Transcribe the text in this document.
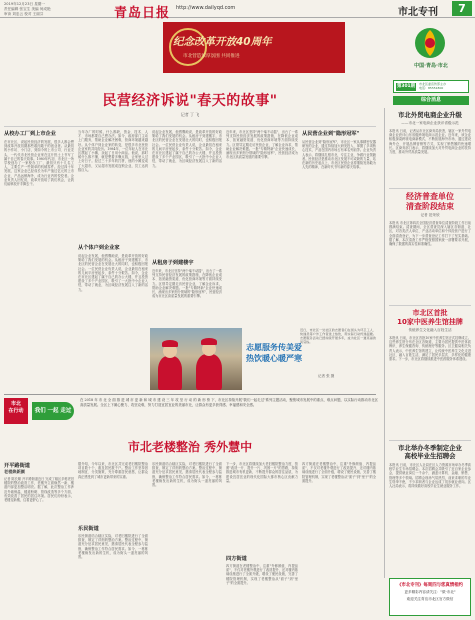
2019年12月23日 星期一
责任编辑 张宝生 美编 何成艳
审读 刘忠云 校对 王丽芬	青岛日报 http://www.dailyqd.com	市北专刊	7
纪念改革开放40周年
市北营造浓厚氛围 共同推进
中国·青岛·市北
第301期	市北区委宣传部主办
电话：85551800
综合消息
民营经济诉说"春天的故事"
记者 丁 飞
从校办工厂到上市企业
在市北区，说起民营经济的发展，很多人都会想到改革开放初期那些敢闯敢干的创业者。从最初的小作坊、小门店，到如今的上市公司、行业龙头，一代代市北民营企业家在这片热土上书写了属于自己的春天故事。1980年代初，市北区一所学校创办了一家校办工厂，最初只有十几名工人，主要生产一些简单的机械零件。经过四十年发展，这家企业已经成长为年产值过亿元的上市企业，产品远销海外，成为行业内的佼佼者。企业负责人回忆说，改革开放给了我们机会，让我们能够放开手脚去干。
当年办厂的时候，什么都缺，资金、技术、人才、市场都要自己想办法。如今，政府部门主动上门服务，帮助企业解决困难，营商环境越来越好。从个体户到企业家的转变，是很多市北民营企业家的共同经历。1984年，一位年轻人在市北区摆起了小摊，卖起了日用小商品。他说，那时候什么都不懂，就是想着多赚点钱，让家里人过上好日子。经过三十多年的打拼，他的小摊变成了大超市，又从超市发展成连锁企业，员工达到数百人。
从个体户到企业家
说起企业发展，他感慨地说，是改革开放的好政策给了我们发展的机会。从租房子到建楼宇，市北区的民营企业在发展壮大的同时，也积极回报社会。一位民营企业负责人说，企业最初在租来的几间平房里起步，条件十分艰苦。如今，企业在市北区建起了属于自己的办公大楼，并且投资建设了多个产业园区，吸引了一大批中小企业入驻，带动了就业，为区域经济发展注入了新的活力。
说起企业发展，他感慨地说，是改革开放的好政策给了我们发展的机会。从租房子到建楼宇，市北区的民营企业在发展壮大的同时，也积极回报社会。一位民营企业负责人说，企业最初在租来的几间平房里起步，条件十分艰苦。如今，企业在市北区建起了属于自己的办公大楼，并且投资建设了多个产业园区，吸引了一大批中小企业入驻，带动了就业，为区域经济发展注入了新的活力。
从租房子到建楼宇
近年来，市北区坚持"两个毫不动摇"，出台了一系列支持民营经济发展的政策措施，在降低企业成本、拓宽融资渠道、优化营商环境等方面持续发力。区领导定期走访民营企业，了解企业诉求，帮助企业解决难题。一批"专精特新"企业快速成长，涌现出多家细分领域的"隐形冠军"，民营经济成为市北区高质量发展的重要引擎。
近年来，市北区坚持"两个毫不动摇"，出台了一系列支持民营经济发展的政策措施，在降低企业成本、拓宽融资渠道、优化营商环境等方面持续发力。区领导定期走访民营企业，了解企业诉求，帮助企业解决难题。一批"专精特新"企业快速成长，涌现出多家细分领域的"隐形冠军"，民营经济成为市北区高质量发展的重要引擎。
从民营企业到"隐形冠军"
从民营企业到"隐形冠军"，市北区一家从事精密仪器研发的企业，通过持续加大研发投入，掌握了多项核心技术，产品在国内市场占有率名列前茅。企业负责人表示，将继续扎根市北，专注主业，争做行业领跑者。民营经济是推动市北区发展不可或缺的力量，站在新的历史起点上，市北区民营企业将继续发扬敢为人先的精神，在新时代书写新的春天故事。
志愿服务传美爱
热饮暖心暖严寒
近日，市北区一处社区的志愿者们在街头为环卫工人、快递员等户外工作者送上热饮，用实际行动传递温暖。志愿服务活动已经持续开展多年，成为社区一道亮丽的风景线。
记者 张 摄
市北外贸电商企业升级
——市北一家电商企业获评省级示范
本报讯 日前，记者从市北区商务局获悉，辖区一家外贸电商企业获评山东省级跨境电商示范企业。近年来，该企业积极探索跨境电商新模式，不断拓展海外市场，通过建设海外仓、开展品牌营销等方式，实现了销售额的快速增长。区商务部门表示，将继续加大对外贸电商企业的扶持力度，推动外贸高质量发展。
经济普查单位
清查阶段结束
记者 范荣欣
本报讯 市北区第四次全国经济普查单位清查阶段工作日前圆满结束。清查期间，全区普查员深入辖区各街道、社区，对各类法人单位、产业活动单位和个体经营户进行了全面清查登记，为下一步普查登记工作打下了坚实基础。据了解，本次清查工作严格按照国家统一部署要求开展，确保了数据的真实性和准确性。
市北区首批
10家中医养生馆挂牌
传统养生文化融入百姓生活
本报讯 日前，市北区首批10家中医养生馆正式挂牌成立。这些养生馆分布在全区各街道，主要为居民提供中医体质辨识、养生保健咨询、传统理疗等服务。区卫健局相关负责人表示，中医养生馆的建立，让传统中医养生文化走进社区、融入百姓生活，满足了居民多层次、多样化的健康需求。下一步，市北区将继续推进中医药服务体系建设。
市北举办冬季制定企业
高校毕业生招聘会
本报讯 日前，市北区人社局在区人力资源市场举办冬季高校毕业生专场招聘会。本次招聘会共吸引了近百家企业参会，提供就业岗位一千余个，涵盖计算机、金融、销售、管理等多个领域。招聘会现场气氛热烈，前来求职的毕业生络绎不绝，不少求职者与企业达成了初步就业意向。区人社局表示，将持续做好高校毕业生就业服务工作。
《市北专刊》每周四与您真情相约
更多精彩内容请关注："微·市北"
欢迎关注青岛市北区官方微信
市北
在行动	我们 一起 走过
在 2018 年 市 北 全 面 推 进 城 市 更 新 和 城 市 建 设 三 年 攻 坚 行 动 的 新 形 势 下，市北区持续开展"我们一起走过"系列主题活动，聚焦城市发展中的重点、难点问题，以实际行动推动市北区高质量发展。全区上下凝心聚力、攻坚克难，努力打造宜居宜业的美丽市北，让群众有更多获得感、幸福感和安全感。
市北老楼整治 秀外慧中
开平路街道
老楼焕新颜
记者 陈长顺 开平路街道近日 完成了辖区多栋老旧楼院的整治改造工作，老楼外立面焕然一新，楼道内部更加整洁明亮。据了解，此次整治工作涉及外墙保温、楼道粉刷、管线改造等多个方面，有效改善了居民的居住环境。居民们纷纷表示，老楼变新楼，住着更舒心了。
据介绍，今年以来，市北区共完成老旧楼院整治项目数十个，惠及居民数千户。整治工作坚持因地制宜、分类施策，充分尊重居民意愿，让群众真正感受到了城市更新带来的实惠。
乐民街道
乐民街道结合辖区实际，对老旧楼院进行了全面排查，制定了详细的整治方案。整治过程中，街道充分征求居民意见，邀请居民代表全程参与监督，确保整治工作符合居民需求。如今，一栋栋老楼焕发出新的生机，成为街头一道亮丽的风景。
乐民街道结合辖区实际，对老旧楼院进行了全面排查，制定了详细的整治方案。整治过程中，街道充分征求居民意见，邀请居民代表全程参与监督，确保整治工作符合居民需求。如今，一栋栋老楼焕发出新的生机，成为街头一道亮丽的风景。
下一步，市北区将继续加大老旧楼院整治力度，按照"改造一片、提升一片、巩固一片"的思路，持续推进城市有机更新，不断提升群众的居住品质，为建设宜居宜业的现代化国际大都市核心区贡献力量。
四方街道
四方街道在老楼整治中，注重"外修颜值、内提品质"，不仅对老楼外观进行了改造提升，还对楼内基础设施进行了全面升级，增设了便民设施，完善了楼院管理机制，实现了老楼整治从"面子"到"里子"的全面提升。
四方街道在老楼整治中，注重"外修颜值、内提品质"，不仅对老楼外观进行了改造提升，还对楼内基础设施进行了全面升级，增设了便民设施，完善了楼院管理机制，实现了老楼整治从"面子"到"里子"的全面提升。
